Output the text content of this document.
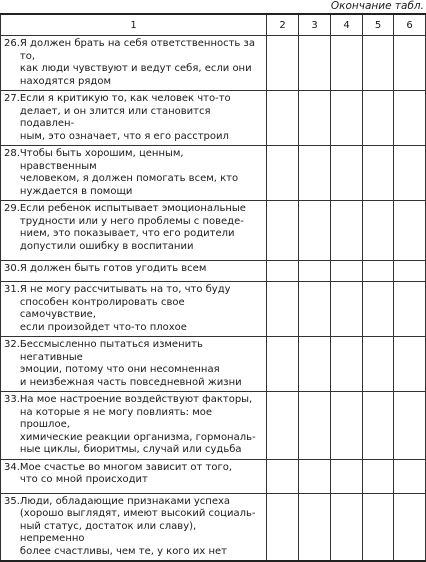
Окончание табл.
1	2	3	4	5	6

26. Я должен брать на себя ответственность за то,
как люди чувствуют и ведут себя, если они
находятся рядом					

27. Если я критикую то, как человек что-то
делает, и он злится или становится подавлен-
ным, это означает, что я его расстроил					

28. Чтобы быть хорошим, ценным, нравственным
человеком, я должен помогать всем, кто
нуждается в помощи					

29. Если ребенок испытывает эмоциональные
трудности или у него проблемы с поведе-
нием, это показывает, что его родители
допустили ошибку в воспитании					

30. Я должен быть готов угодить всем					

31. Я не могу рассчитывать на то, что буду
способен контролировать свое самочувствие,
если произойдет что-то плохое					

32. Бессмысленно пытаться изменить негативные
эмоции, потому что они несомненная
и неизбежная часть повседневной жизни					

33. На мое настроение воздействуют факторы,
на которые я не могу повлиять: мое прошлое,
химические реакции организма, гормональ-
ные циклы, биоритмы, случай или судьба					

34. Мое счастье во многом зависит от того,
что со мной происходит					

35. Люди, обладающие признаками успеха
(хорошо выглядят, имеют высокий социаль-
ный статус, достаток или славу), непременно
более счастливы, чем те, у кого их нет					
